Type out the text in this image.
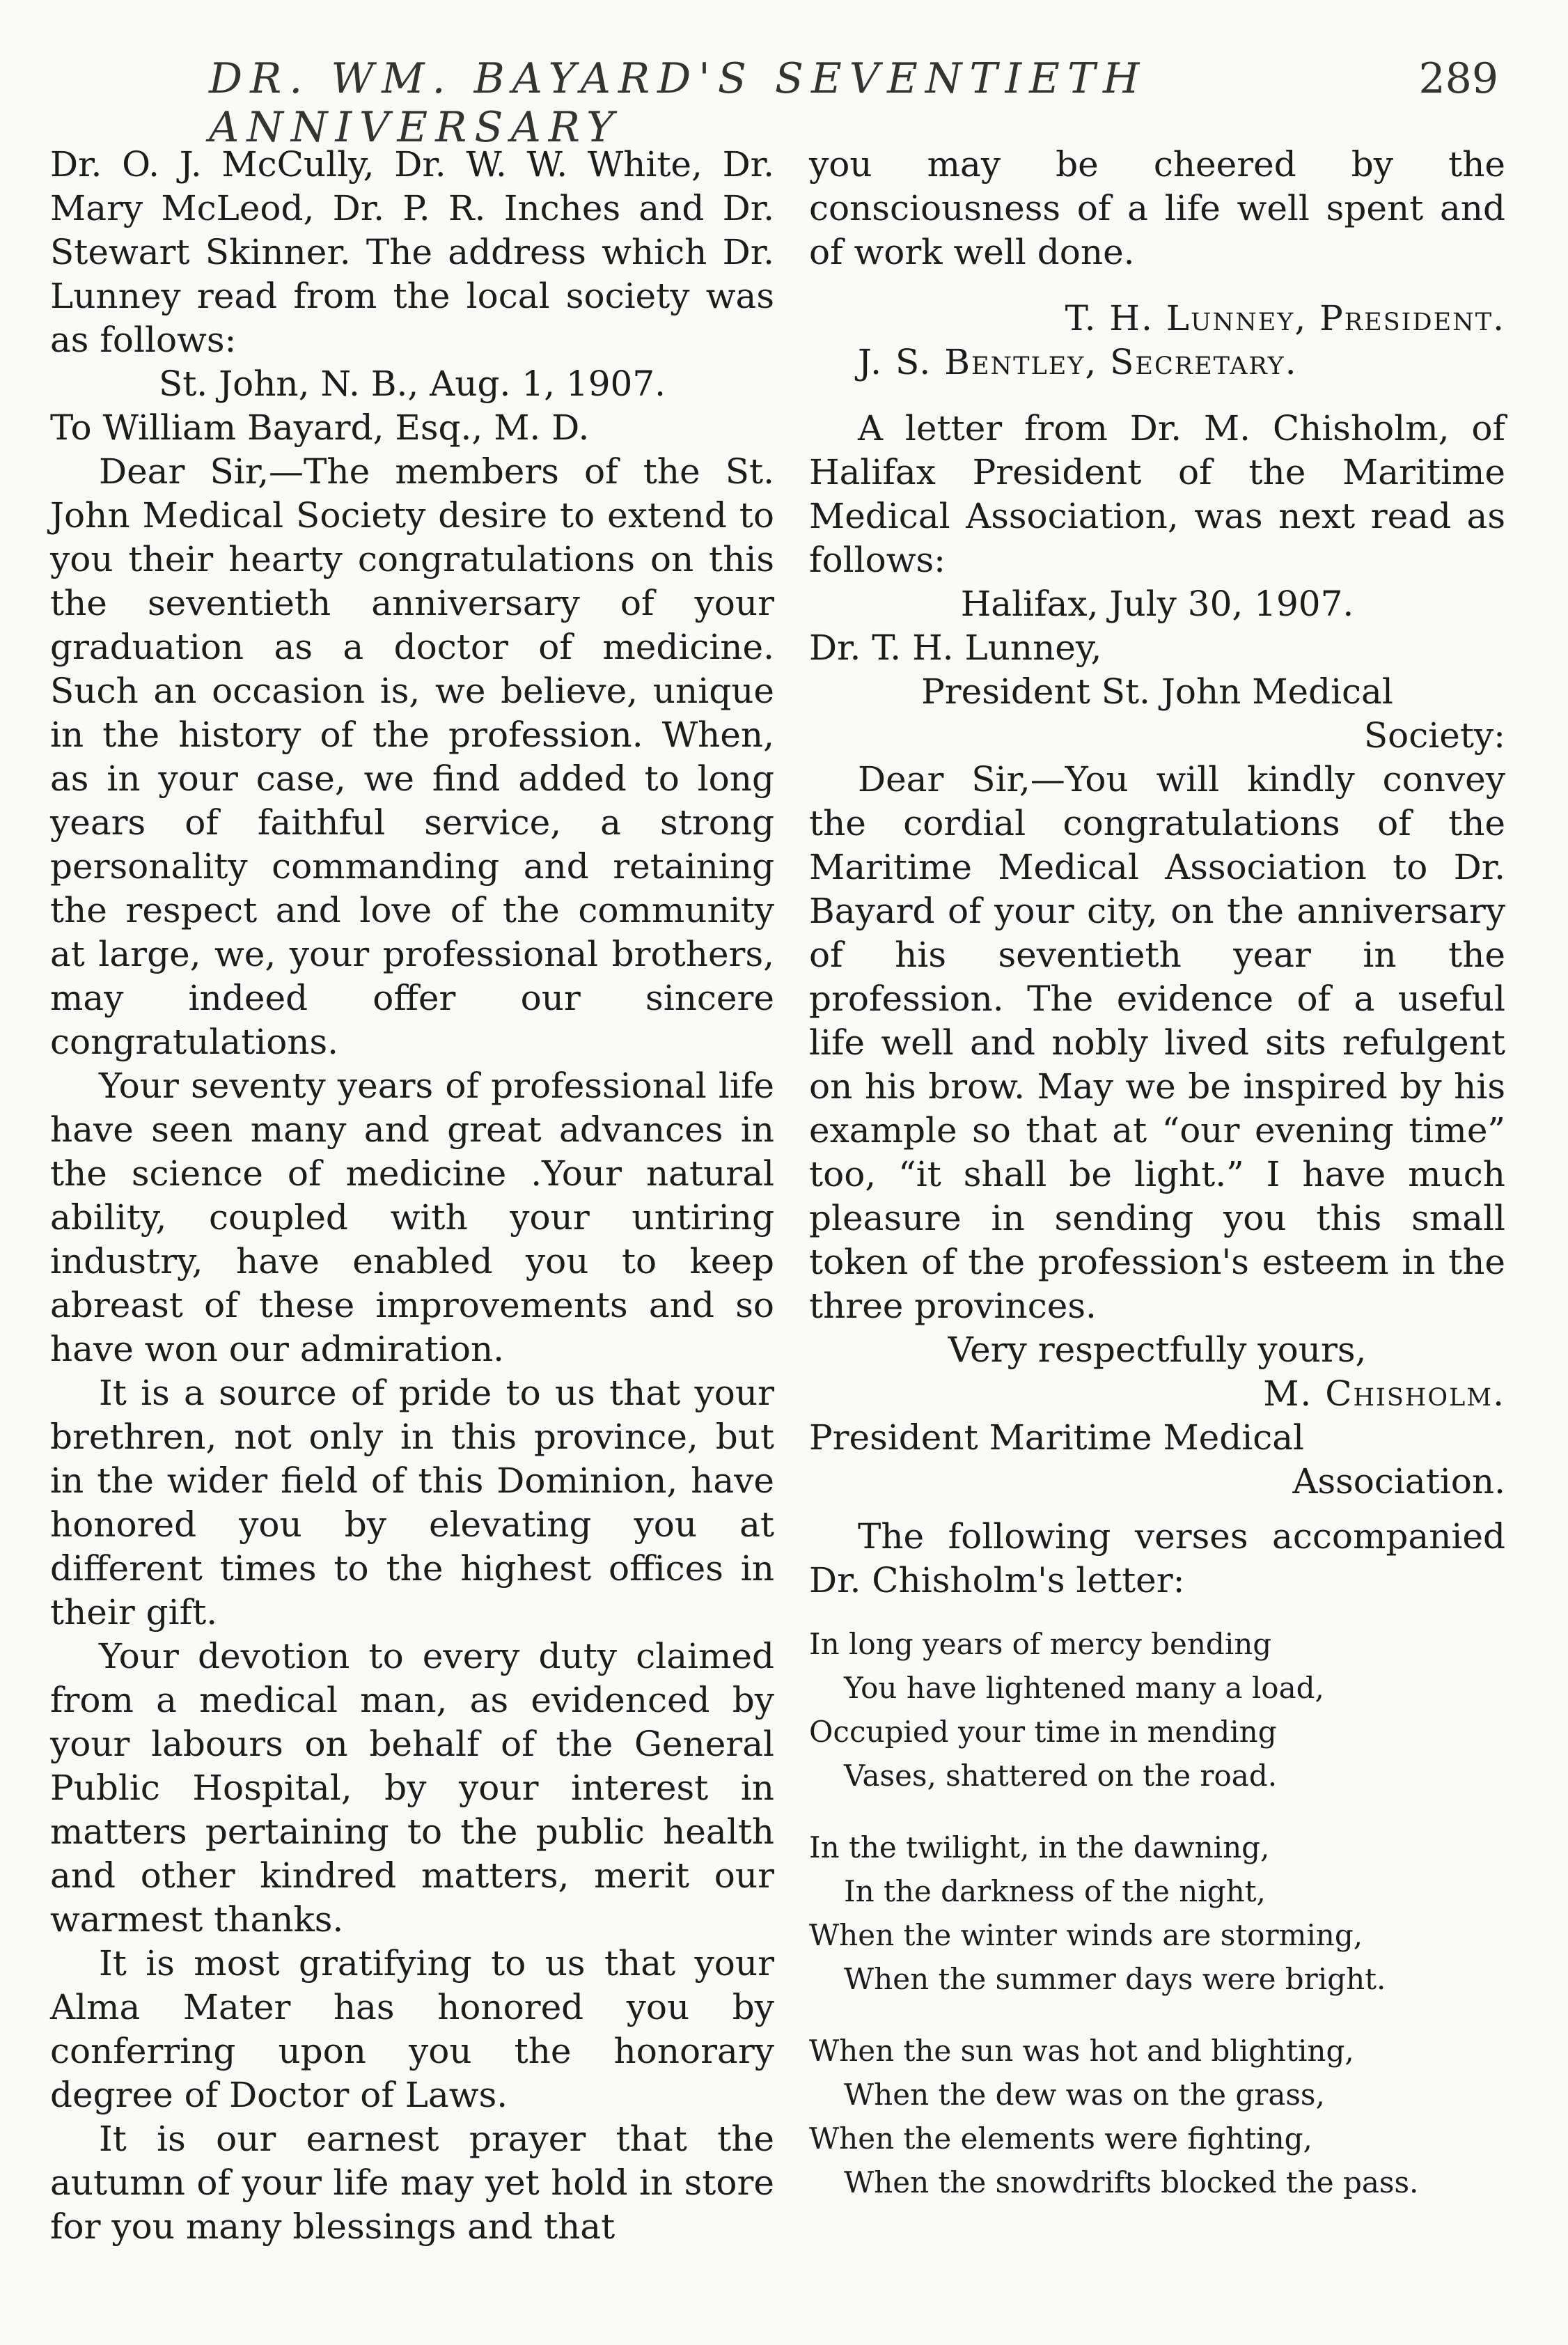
DR. WM. BAYARD'S SEVENTIETH ANNIVERSARY
289

Dr. O. J. McCully, Dr. W. W. White, Dr. Mary McLeod, Dr. P. R. Inches and Dr. Stewart Skinner. The address which Dr. Lunney read from the local society was as follows:

St. John, N. B., Aug. 1, 1907.

To William Bayard, Esq., M. D.

Dear Sir,—The members of the St. John Medical Society desire to extend to you their hearty congratulations on this the seventieth anniversary of your graduation as a doctor of medicine. Such an occasion is, we believe, unique in the history of the profession. When, as in your case, we find added to long years of faithful service, a strong personality commanding and retaining the respect and love of the community at large, we, your professional brothers, may indeed offer our sincere congratulations.

Your seventy years of professional life have seen many and great advances in the science of medicine .Your natural ability, coupled with your untiring industry, have enabled you to keep abreast of these improvements and so have won our admiration.

It is a source of pride to us that your brethren, not only in this province, but in the wider field of this Dominion, have honored you by elevating you at different times to the highest offices in their gift.

Your devotion to every duty claimed from a medical man, as evidenced by your labours on behalf of the General Public Hospital, by your interest in matters pertaining to the public health and other kindred matters, merit our warmest thanks.

It is most gratifying to us that your Alma Mater has honored you by conferring upon you the honorary degree of Doctor of Laws.

It is our earnest prayer that the autumn of your life may yet hold in store for you many blessings and that

you may be cheered by the consciousness of a life well spent and of work well done.

T. H. Lunney, President.

J. S. Bentley, Secretary.

A letter from Dr. M. Chisholm, of Halifax President of the Maritime Medical Association, was next read as follows:

Halifax, July 30, 1907.

Dr. T. H. Lunney,

President St. John Medical

Society:

Dear Sir,—You will kindly convey the cordial congratulations of the Maritime Medical Association to Dr. Bayard of your city, on the anniversary of his seventieth year in the profession. The evidence of a useful life well and nobly lived sits refulgent on his brow. May we be inspired by his example so that at “our evening time” too, “it shall be light.” I have much pleasure in sending you this small token of the profession's esteem in the three provinces.

Very respectfully yours,

M. Chisholm.

President Maritime Medical

Association.

The following verses accompanied Dr. Chisholm's letter:

In long years of mercy bending
You have lightened many a load,
Occupied your time in mending
Vases, shattered on the road.
In the twilight, in the dawning,
In the darkness of the night,
When the winter winds are storming,
When the summer days were bright.
When the sun was hot and blighting,
When the dew was on the grass,
When the elements were fighting,
When the snowdrifts blocked the pass.
